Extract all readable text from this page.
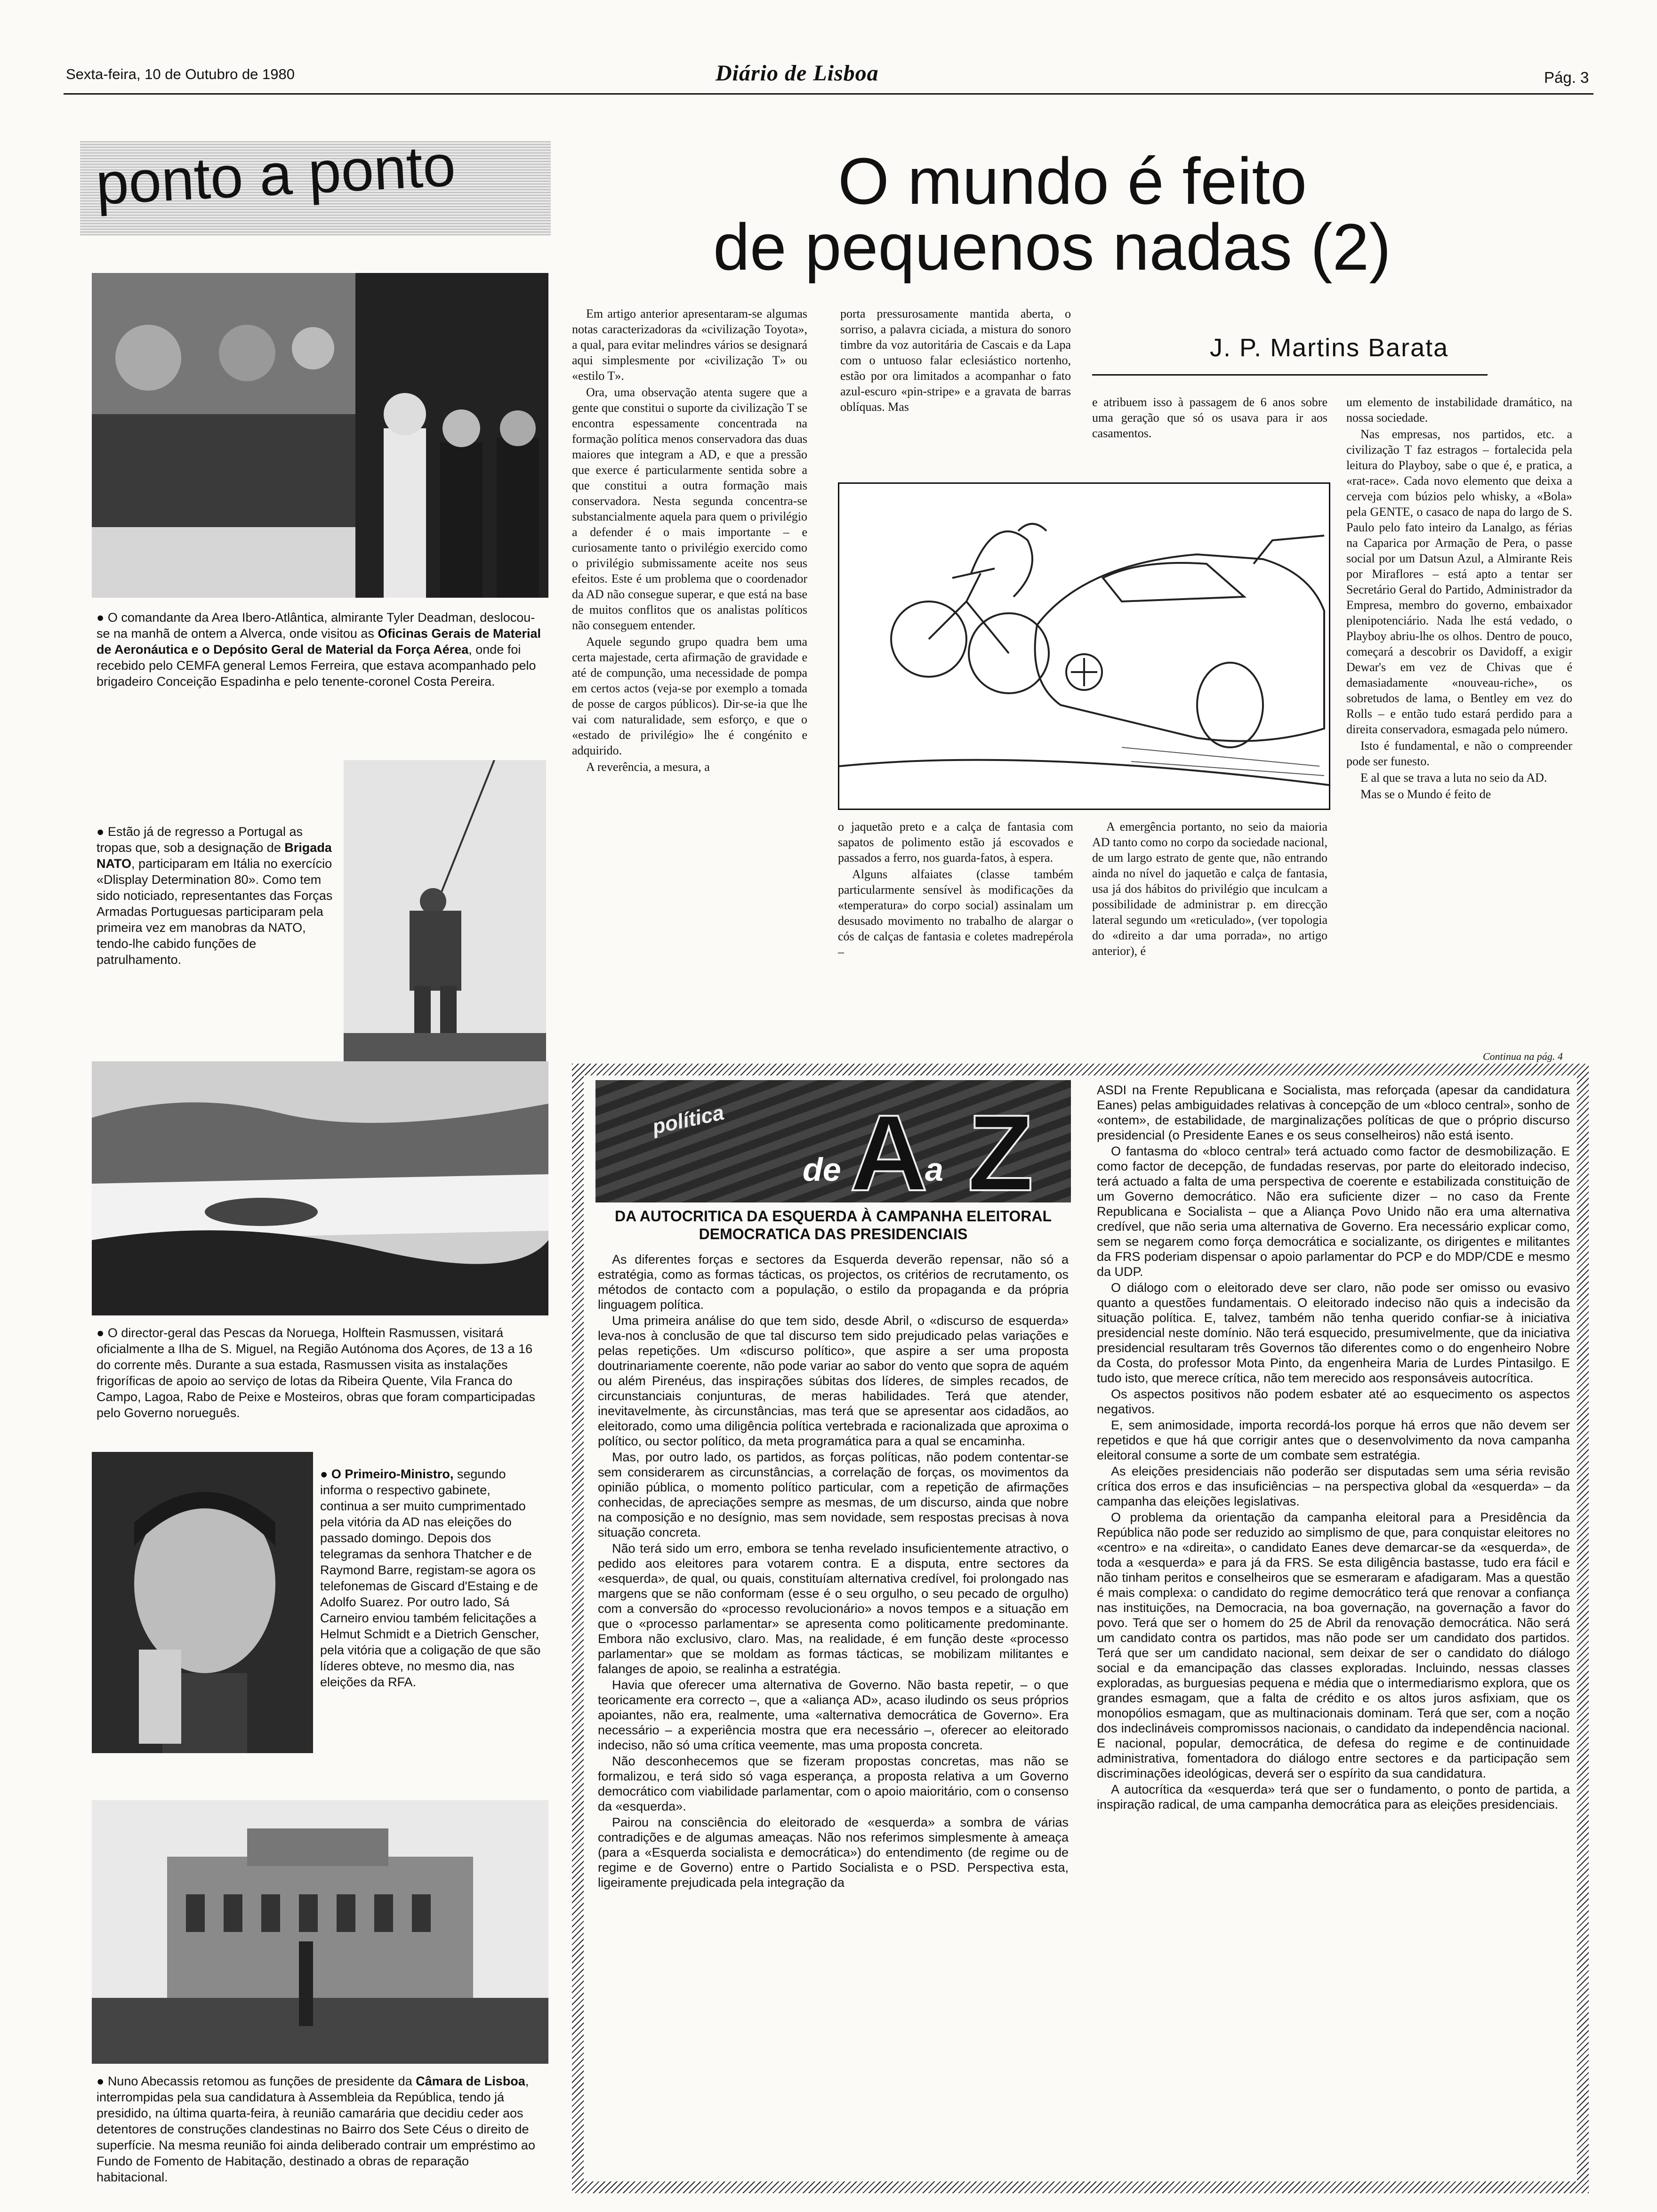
Sexta-feira, 10 de Outubro de 1980	Diário de Lisboa	Pág. 3
ponto a ponto
● O comandante da Area Ibero-Atlântica, almirante Tyler Deadman, deslocou-se na manhã de ontem a Alverca, onde visitou as Oficinas Gerais de Material de Aeronáutica e o Depósito Geral de Material da Força Aérea, onde foi recebido pelo CEMFA general Lemos Ferreira, que estava acompanhado pelo brigadeiro Conceição Espadinha e pelo tenente-coronel Costa Pereira.
● Estão já de regresso a Portugal as tropas que, sob a designação de Brigada NATO, participaram em Itália no exercício «Dlisplay Determination 80». Como tem sido noticiado, representantes das Forças Armadas Portuguesas participaram pela primeira vez em manobras da NATO, tendo-lhe cabido funções de patrulhamento.
● O director-geral das Pescas da Noruega, Holftein Rasmussen, visitará oficialmente a Ilha de S. Miguel, na Região Autónoma dos Açores, de 13 a 16 do corrente mês. Durante a sua estada, Rasmussen visita as instalações frigoríficas de apoio ao serviço de lotas da Ribeira Quente, Vila Franca do Campo, Lagoa, Rabo de Peixe e Mosteiros, obras que foram comparticipadas pelo Governo norueguês.
● O Primeiro-Ministro, segundo informa o respectivo gabinete, continua a ser muito cumprimentado pela vitória da AD nas eleições do passado domingo. Depois dos telegramas da senhora Thatcher e de Raymond Barre, registam-se agora os telefonemas de Giscard d'Estaing e de Adolfo Suarez. Por outro lado, Sá Carneiro enviou também felicitações a Helmut Schmidt e a Dietrich Genscher, pela vitória que a coligação de que são líderes obteve, no mesmo dia, nas eleições da RFA.
● Nuno Abecassis retomou as funções de presidente da Câmara de Lisboa, interrompidas pela sua candidatura à Assembleia da República, tendo já presidido, na última quarta-feira, à reunião camarária que decidiu ceder aos detentores de construções clandestinas no Bairro dos Sete Céus o direito de superfície. Na mesma reunião foi ainda deliberado contrair um empréstimo ao Fundo de Fomento de Habitação, destinado a obras de reparação habitacional.
O mundo é feito
de pequenos nadas (2)
J. P. Martins Barata

Em artigo anterior apresentaram-se algumas notas caracterizadoras da «civilização Toyota», a qual, para evitar melindres vários se designará aqui simplesmente por «civilização T» ou «estilo T».

Ora, uma observação atenta sugere que a gente que constitui o suporte da civilização T se encontra espessamente concentrada na formação política menos conservadora das duas maiores que integram a AD, e que a pressão que exerce é particularmente sentida sobre a que constitui a outra formação mais conservadora. Nesta segunda concentra-se substancialmente aquela para quem o privilégio a defender é o mais importante – e curiosamente tanto o privilégio exercido como o privilégio submissamente aceite nos seus efeitos. Este é um problema que o coordenador da AD não consegue superar, e que está na base de muitos conflitos que os analistas políticos não conseguem entender.

Aquele segundo grupo quadra bem uma certa majestade, certa afirmação de gravidade e até de compunção, uma necessidade de pompa em certos actos (veja-se por exemplo a tomada de posse de cargos públicos). Dir-se-ia que lhe vai com naturalidade, sem esforço, e que o «estado de privilégio» lhe é congénito e adquirido.

A reverência, a mesura, a

porta pressurosamente mantida aberta, o sorriso, a palavra ciciada, a mistura do sonoro timbre da voz autoritária de Cascais e da Lapa com o untuoso falar eclesiástico nortenho, estão por ora limitados a acompanhar o fato azul-escuro «pin-stripe» e a gravata de barras oblíquas. Mas	e atribuem isso à passagem de 6 anos sobre uma geração que só os usava para ir aos casamentos.

o jaquetão preto e a calça de fantasia com sapatos de polimento estão já escovados e passados a ferro, nos guarda-fatos, à espera.

Alguns alfaiates (classe também particularmente sensível às modificações da «temperatura» do corpo social) assinalam um desusado movimento no trabalho de alargar o cós de calças de fantasia e coletes madrepérola –

A emergência portanto, no seio da maioria AD tanto como no corpo da sociedade nacional, de um largo estrato de gente que, não entrando ainda no nível do jaquetão e calça de fantasia, usa já dos hábitos do privilégio que inculcam a possibilidade de administrar p. em direcção lateral segundo um «reticulado», (ver topologia do «direito a dar uma porrada», no artigo anterior), é

um elemento de instabilidade dramático, na nossa sociedade.

Nas empresas, nos partidos, etc. a civilização T faz estragos – fortalecida pela leitura do Playboy, sabe o que é, e pratica, a «rat-race». Cada novo elemento que deixa a cerveja com búzios pelo whisky, a «Bola» pela GENTE, o casaco de napa do largo de S. Paulo pelo fato inteiro da Lanalgo, as férias na Caparica por Armação de Pera, o passe social por um Datsun Azul, a Almirante Reis por Miraflores – está apto a tentar ser Secretário Geral do Partido, Administrador da Empresa, membro do governo, embaixador plenipotenciário. Nada lhe está vedado, o Playboy abriu-lhe os olhos. Dentro de pouco, começará a descobrir os Davidoff, a exigir Dewar's em vez de Chivas que é demasiadamente «nouveau-riche», os sobretudos de lama, o Bentley em vez do Rolls – e então tudo estará perdido para a direita conservadora, esmagada pelo número.

Isto é fundamental, e não o compreender pode ser funesto.

E al que se trava a luta no seio da AD.

Mas se o Mundo é feito de

Continua na pág. 4
política
de A
a Z
DA AUTOCRITICA DA ESQUERDA À CAMPANHA ELEITORAL DEMOCRATICA DAS PRESIDENCIAIS

As diferentes forças e sectores da Esquerda deverão repensar, não só a estratégia, como as formas tácticas, os projectos, os critérios de recrutamento, os métodos de contacto com a população, o estilo da propaganda e da própria linguagem política.

Uma primeira análise do que tem sido, desde Abril, o «discurso de esquerda» leva-nos à conclusão de que tal discurso tem sido prejudicado pelas variações e pelas repetições. Um «discurso político», que aspire a ser uma proposta doutrinariamente coerente, não pode variar ao sabor do vento que sopra de aquém ou além Pirenéus, das inspirações súbitas dos líderes, de simples recados, de circunstanciais conjunturas, de meras habilidades. Terá que atender, inevitavelmente, às circunstâncias, mas terá que se apresentar aos cidadãos, ao eleitorado, como uma diligência política vertebrada e racionalizada que aproxima o político, ou sector político, da meta programática para a qual se encaminha.

Mas, por outro lado, os partidos, as forças políticas, não podem contentar-se sem considerarem as circunstâncias, a correlação de forças, os movimentos da opinião pública, o momento político particular, com a repetição de afirmações conhecidas, de apreciações sempre as mesmas, de um discurso, ainda que nobre na composição e no desígnio, mas sem novidade, sem respostas precisas à nova situação concreta.

Não terá sido um erro, embora se tenha revelado insuficientemente atractivo, o pedido aos eleitores para votarem contra. E a disputa, entre sectores da «esquerda», de qual, ou quais, constituíam alternativa credível, foi prolongado nas margens que se não conformam (esse é o seu orgulho, o seu pecado de orgulho) com a conversão do «processo revolucionário» a novos tempos e a situação em que o «processo parlamentar» se apresenta como politicamente predominante. Embora não exclusivo, claro. Mas, na realidade, é em função deste «processo parlamentar» que se moldam as formas tácticas, se mobilizam militantes e falanges de apoio, se realinha a estratégia.

Havia que oferecer uma alternativa de Governo. Não basta repetir, – o que teoricamente era correcto –, que a «aliança AD», acaso iludindo os seus próprios apoiantes, não era, realmente, uma «alternativa democrática de Governo». Era necessário – a experiência mostra que era necessário –, oferecer ao eleitorado indeciso, não só uma crítica veemente, mas uma proposta concreta.

Não desconhecemos que se fizeram propostas concretas, mas não se formalizou, e terá sido só vaga esperança, a proposta relativa a um Governo democrático com viabilidade parlamentar, com o apoio maioritário, com o consenso da «esquerda».

Pairou na consciência do eleitorado de «esquerda» a sombra de várias contradições e de algumas ameaças. Não nos referimos simplesmente à ameaça (para a «Esquerda socialista e democrática») do entendimento (de regime ou de regime e de Governo) entre o Partido Socialista e o PSD. Perspectiva esta, ligeiramente prejudicada pela integração da

ASDI na Frente Republicana e Socialista, mas reforçada (apesar da candidatura Eanes) pelas ambiguidades relativas à concepção de um «bloco central», sonho de «ontem», de estabilidade, de marginalizações políticas de que o próprio discurso presidencial (o Presidente Eanes e os seus conselheiros) não está isento.

O fantasma do «bloco central» terá actuado como factor de desmobilização. E como factor de decepção, de fundadas reservas, por parte do eleitorado indeciso, terá actuado a falta de uma perspectiva de coerente e estabilizada constituição de um Governo democrático. Não era suficiente dizer – no caso da Frente Republicana e Socialista – que a Aliança Povo Unido não era uma alternativa credível, que não seria uma alternativa de Governo. Era necessário explicar como, sem se negarem como força democrática e socializante, os dirigentes e militantes da FRS poderiam dispensar o apoio parlamentar do PCP e do MDP/CDE e mesmo da UDP.

O diálogo com o eleitorado deve ser claro, não pode ser omisso ou evasivo quanto a questões fundamentais. O eleitorado indeciso não quis a indecisão da situação política. E, talvez, também não tenha querido confiar-se à iniciativa presidencial neste domínio. Não terá esquecido, presumivelmente, que da iniciativa presidencial resultaram três Governos tão diferentes como o do engenheiro Nobre da Costa, do professor Mota Pinto, da engenheira Maria de Lurdes Pintasilgo. E tudo isto, que merece crítica, não tem merecido aos responsáveis autocrítica.

Os aspectos positivos não podem esbater até ao esquecimento os aspectos negativos.

E, sem animosidade, importa recordá-los porque há erros que não devem ser repetidos e que há que corrigir antes que o desenvolvimento da nova campanha eleitoral consume a sorte de um combate sem estratégia.

As eleições presidenciais não poderão ser disputadas sem uma séria revisão crítica dos erros e das insuficiências – na perspectiva global da «esquerda» – da campanha das eleições legislativas.

O problema da orientação da campanha eleitoral para a Presidência da República não pode ser reduzido ao simplismo de que, para conquistar eleitores no «centro» e na «direita», o candidato Eanes deve demarcar-se da «esquerda», de toda a «esquerda» e para já da FRS. Se esta diligência bastasse, tudo era fácil e não tinham peritos e conselheiros que se esmeraram e afadigaram. Mas a questão é mais complexa: o candidato do regime democrático terá que renovar a confiança nas instituições, na Democracia, na boa governação, na governação a favor do povo. Terá que ser o homem do 25 de Abril da renovação democrática. Não será um candidato contra os partidos, mas não pode ser um candidato dos partidos. Terá que ser um candidato nacional, sem deixar de ser o candidato do diálogo social e da emancipação das classes exploradas. Incluindo, nessas classes exploradas, as burguesias pequena e média que o intermediarismo explora, que os grandes esmagam, que a falta de crédito e os altos juros asfixiam, que os monopólios esmagam, que as multinacionais dominam. Terá que ser, com a noção dos indeclináveis compromissos nacionais, o candidato da independência nacional. E nacional, popular, democrática, de defesa do regime e de continuidade administrativa, fomentadora do diálogo entre sectores e da participação sem discriminações ideológicas, deverá ser o espírito da sua candidatura.

A autocrítica da «esquerda» terá que ser o fundamento, o ponto de partida, a inspiração radical, de uma campanha democrática para as eleições presidenciais.
